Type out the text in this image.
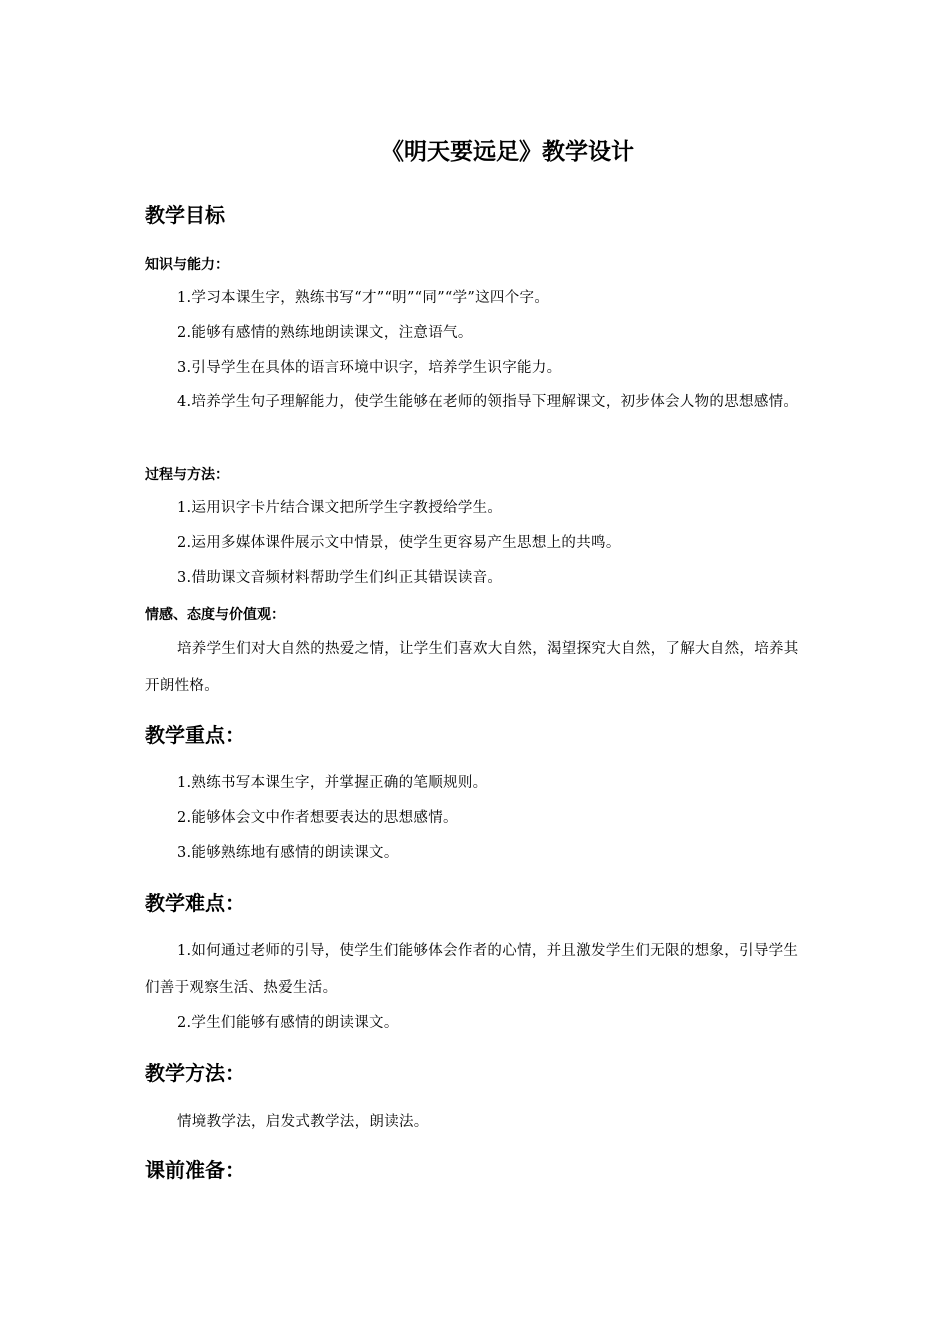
《明天要远足》教学设计
教学目标
知识与能力：

1.学习本课生字，熟练书写“才”“明”“同”“学”这四个字。

2.能够有感情的熟练地朗读课文，注意语气。

3.引导学生在具体的语言环境中识字，培养学生识字能力。

4.培养学生句子理解能力，使学生能够在老师的领指导下理解课文，初步体会人物的思想感情。

过程与方法：

1.运用识字卡片结合课文把所学生字教授给学生。

2.运用多媒体课件展示文中情景，使学生更容易产生思想上的共鸣。

3.借助课文音频材料帮助学生们纠正其错误读音。

情感、态度与价值观：

培养学生们对大自然的热爱之情，让学生们喜欢大自然，渴望探究大自然，了解大自然，培养其开朗性格。

教学重点：

1.熟练书写本课生字，并掌握正确的笔顺规则。

2.能够体会文中作者想要表达的思想感情。

3.能够熟练地有感情的朗读课文。

教学难点：

1.如何通过老师的引导，使学生们能够体会作者的心情，并且激发学生们无限的想象，引导学生们善于观察生活、热爱生活。

2.学生们能够有感情的朗读课文。

教学方法：

情境教学法，启发式教学法，朗读法。

课前准备：
